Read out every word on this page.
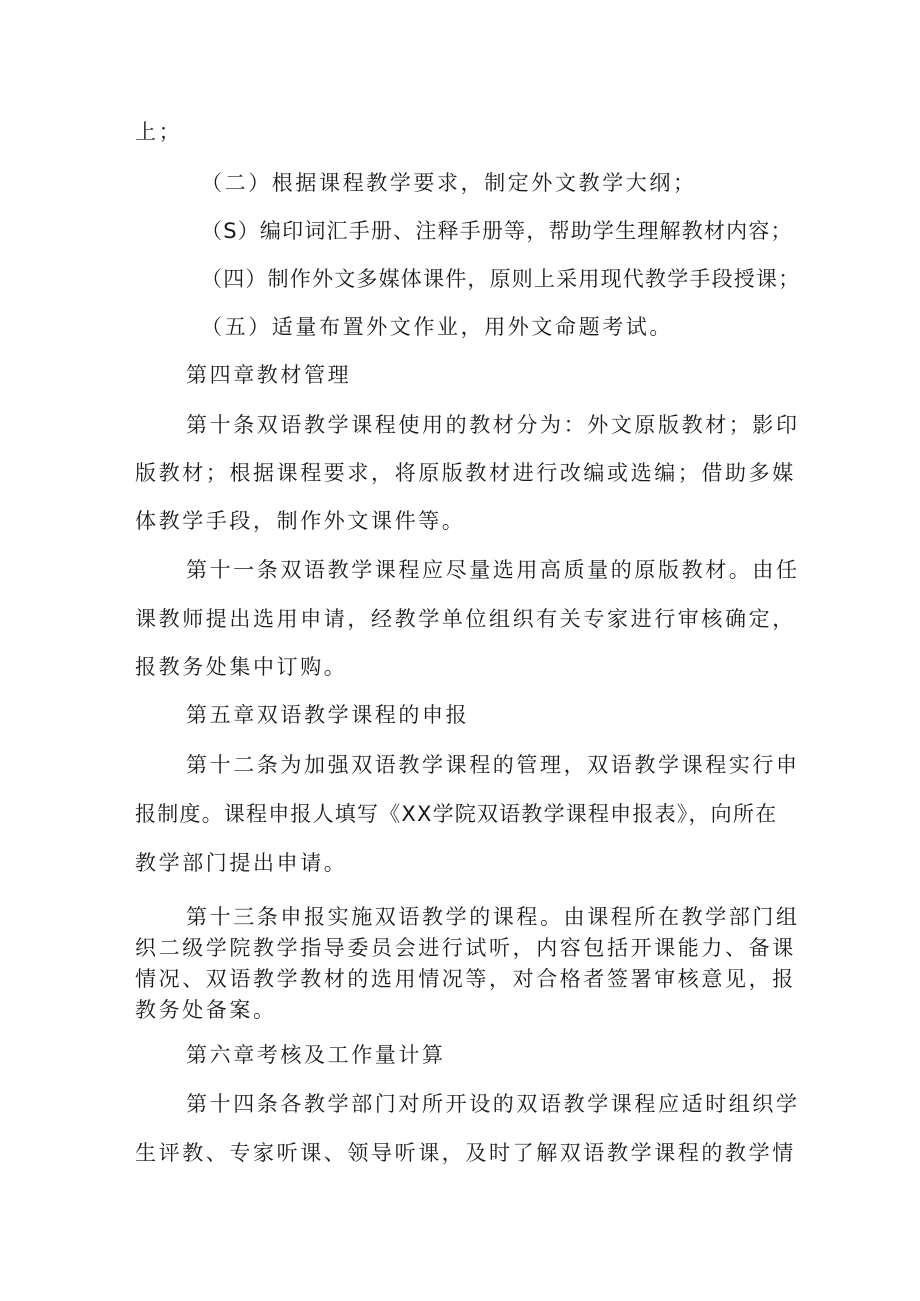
上；
（二）根据课程教学要求，制定外文教学大纲；
（S）编印词汇手册、注释手册等，帮助学生理解教材内容；
（四）制作外文多媒体课件，原则上采用现代教学手段授课；
（五）适量布置外文作业，用外文命题考试。
第四章教材管理
第十条双语教学课程使用的教材分为：外文原版教材；影印
版教材；根据课程要求，将原版教材进行改编或选编；借助多媒
体教学手段，制作外文课件等。
第十一条双语教学课程应尽量选用高质量的原版教材。由任
课教师提出选用申请，经教学单位组织有关专家进行审核确定，
报教务处集中订购。
第五章双语教学课程的申报
第十二条为加强双语教学课程的管理，双语教学课程实行申
报制度。课程申报人填写《XX学院双语教学课程申报表》，向所在
教学部门提出申请。
第十三条申报实施双语教学的课程。由课程所在教学部门组
织二级学院教学指导委员会进行试听，内容包括开课能力、备课
情况、双语教学教材的选用情况等，对合格者签署审核意见，报
教务处备案。
第六章考核及工作量计算
第十四条各教学部门对所开设的双语教学课程应适时组织学
生评教、专家听课、领导听课，及时了解双语教学课程的教学情
